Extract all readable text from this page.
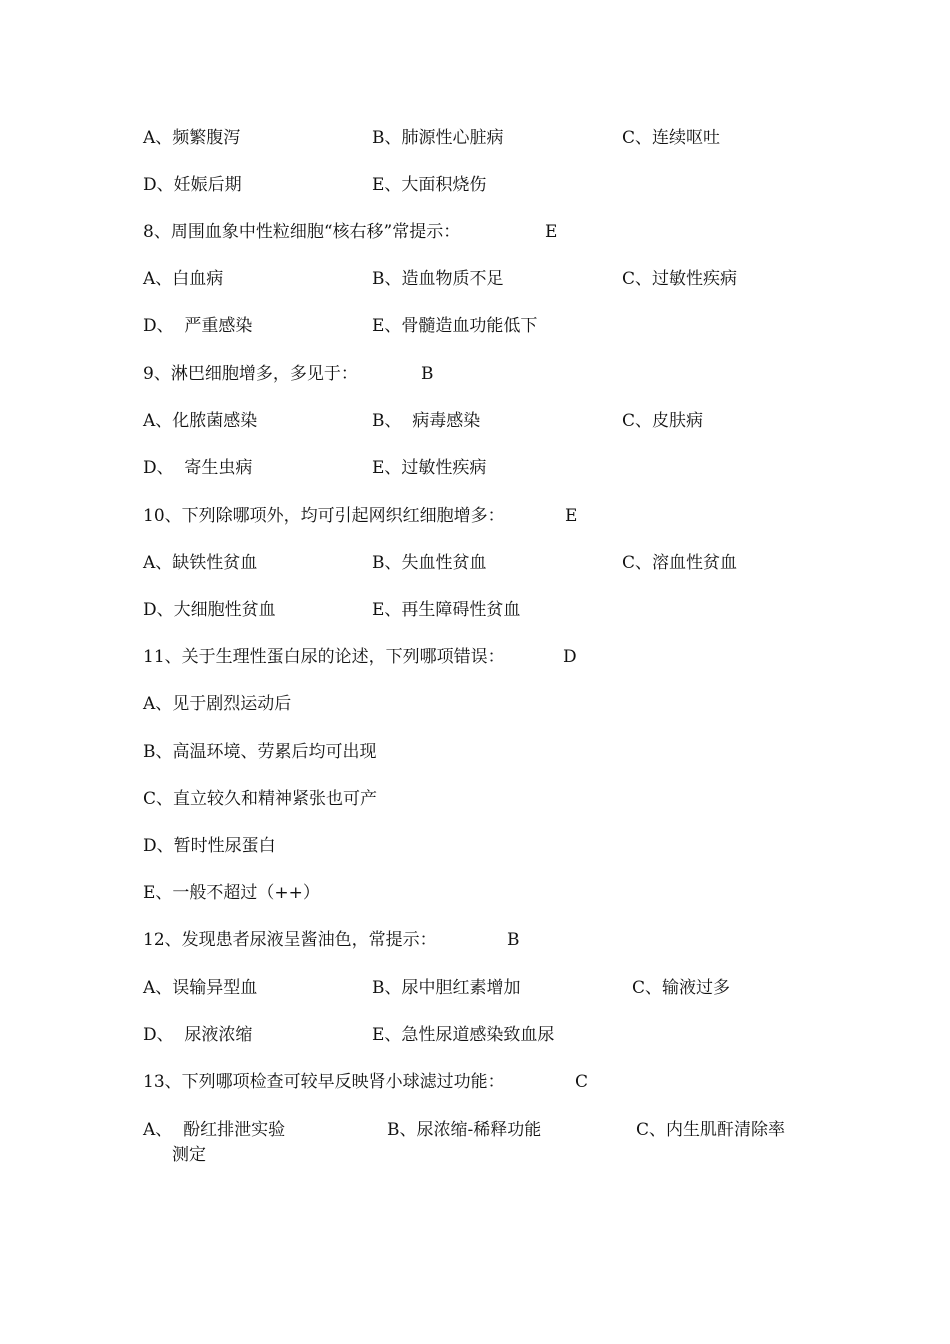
A、频繁腹泻	B、肺源性心脏病	C、连续呕吐
D、妊娠后期	E、大面积烧伤
8、周围血象中性粒细胞“核右移”常提示：	E
A、白血病	B、造血物质不足	C、过敏性疾病
D、  严重感染	E、骨髓造血功能低下
9、淋巴细胞增多，多见于：	B
A、化脓菌感染	B、  病毒感染	C、皮肤病
D、  寄生虫病	E、过敏性疾病
10、下列除哪项外，均可引起网织红细胞增多：	E
A、缺铁性贫血	B、失血性贫血	C、溶血性贫血
D、大细胞性贫血	E、再生障碍性贫血
11、关于生理性蛋白尿的论述，下列哪项错误：	D
A、见于剧烈运动后
B、高温环境、劳累后均可出现
C、直立较久和精神紧张也可产
D、暂时性尿蛋白
E、一般不超过（++）
12、发现患者尿液呈酱油色，常提示：	B
A、误输异型血	B、尿中胆红素增加	C、输液过多
D、  尿液浓缩	E、急性尿道感染致血尿
13、下列哪项检查可较早反映肾小球滤过功能：	C
A、  酚红排泄实验	B、尿浓缩-稀释功能	C、内生肌酐清除率
测定
